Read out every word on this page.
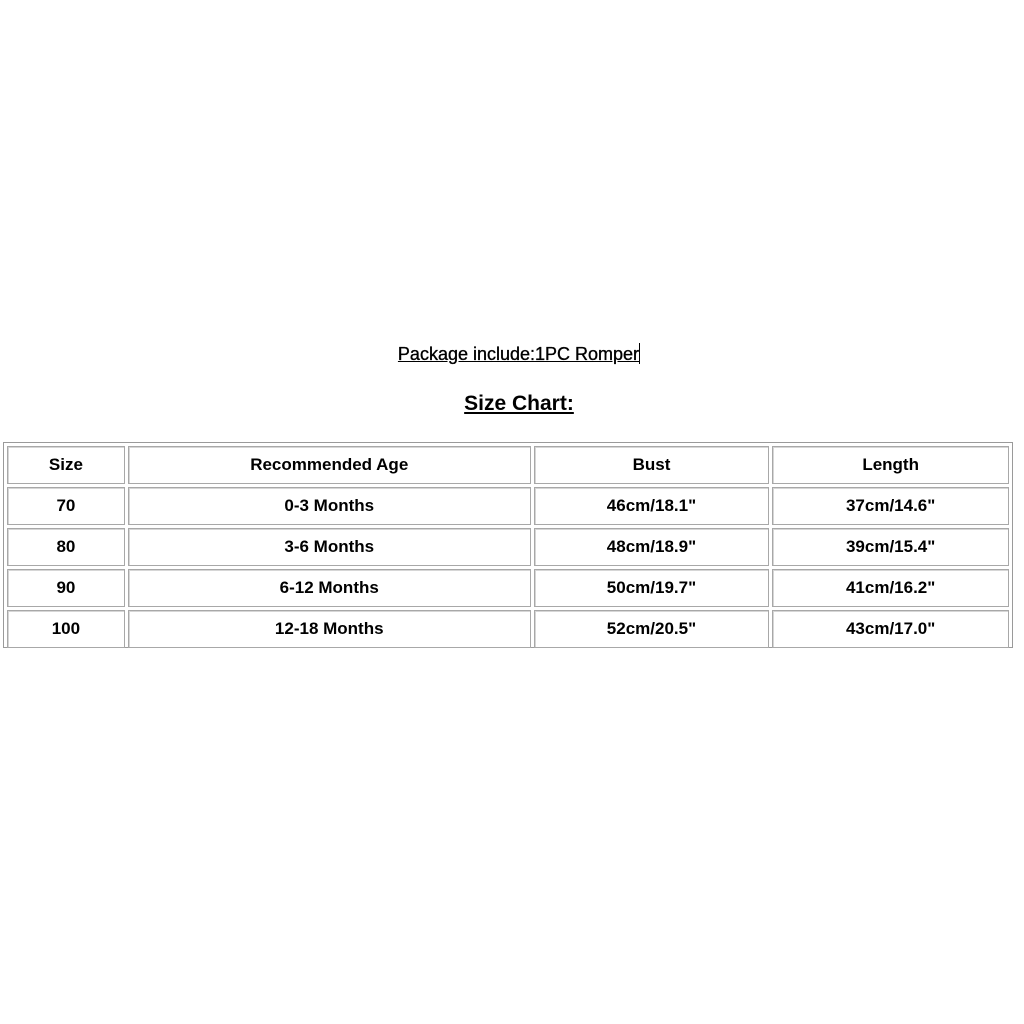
Package include:1PC Romper
Size Chart:
Size	Recommended Age	Bust	Length
70	0-3 Months	46cm/18.1"	37cm/14.6"
80	3-6 Months	48cm/18.9"	39cm/15.4"
90	6-12 Months	50cm/19.7"	41cm/16.2"
100	12-18 Months	52cm/20.5"	43cm/17.0"
